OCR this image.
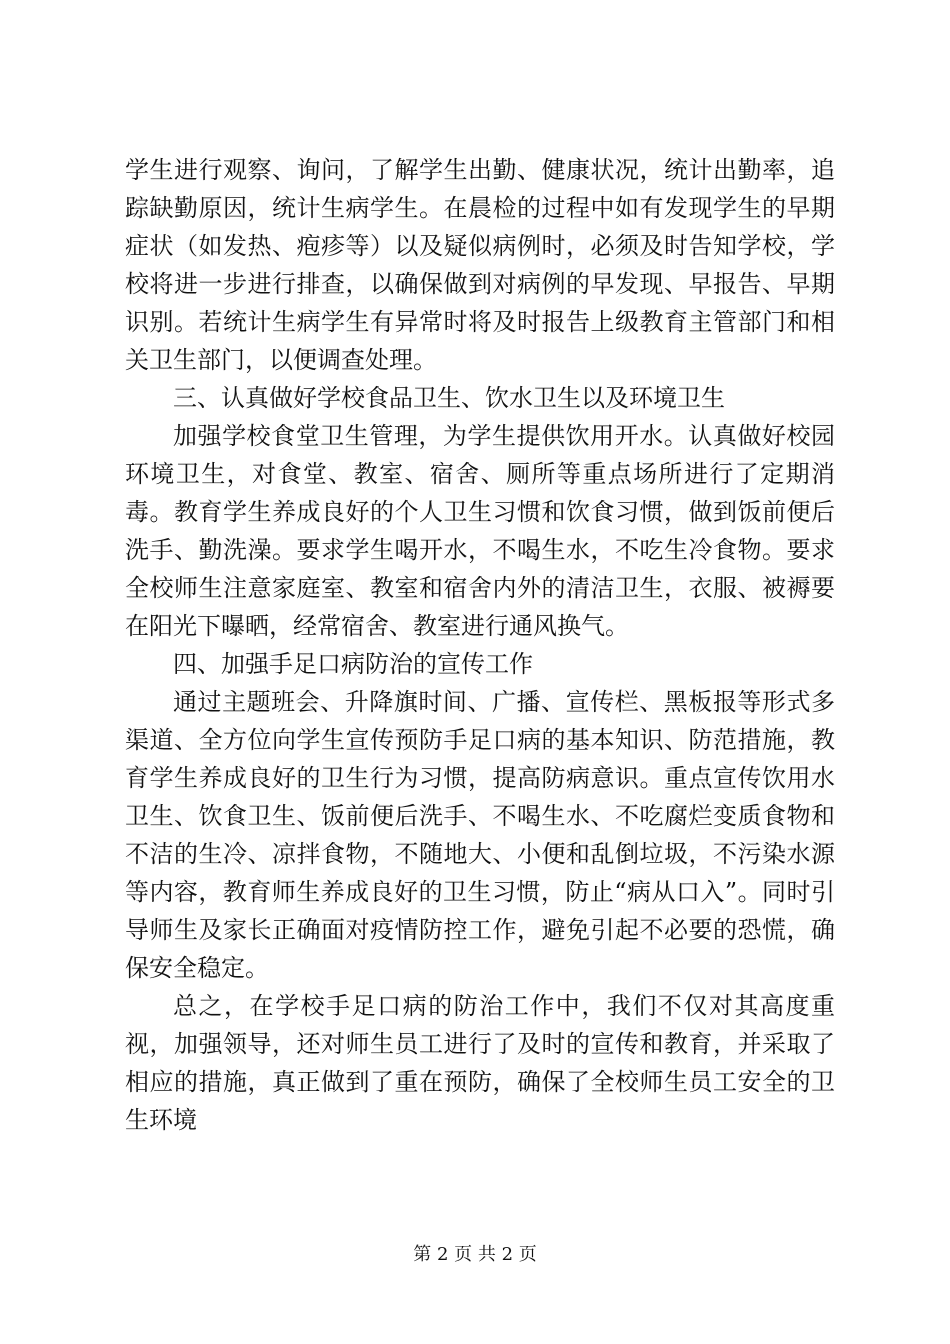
学生进行观察、询问，了解学生出勤、健康状况，统计出勤率，追踪缺勤原因，统计生病学生。在晨检的过程中如有发现学生的早期症状（如发热、疱疹等）以及疑似病例时，必须及时告知学校，学校将进一步进行排查，以确保做到对病例的早发现、早报告、早期识别。若统计生病学生有异常时将及时报告上级教育主管部门和相关卫生部门，以便调查处理。

三、认真做好学校食品卫生、饮水卫生以及环境卫生

加强学校食堂卫生管理，为学生提供饮用开水。认真做好校园环境卫生，对食堂、教室、宿舍、厕所等重点场所进行了定期消毒。教育学生养成良好的个人卫生习惯和饮食习惯，做到饭前便后洗手、勤洗澡。要求学生喝开水，不喝生水，不吃生冷食物。要求全校师生注意家庭室、教室和宿舍内外的清洁卫生，衣服、被褥要在阳光下曝晒，经常宿舍、教室进行通风换气。

四、加强手足口病防治的宣传工作

通过主题班会、升降旗时间、广播、宣传栏、黑板报等形式多渠道、全方位向学生宣传预防手足口病的基本知识、防范措施，教育学生养成良好的卫生行为习惯，提高防病意识。重点宣传饮用水卫生、饮食卫生、饭前便后洗手、不喝生水、不吃腐烂变质食物和不洁的生冷、凉拌食物，不随地大、小便和乱倒垃圾，不污染水源等内容，教育师生养成良好的卫生习惯，防止“病从口入”。同时引导师生及家长正确面对疫情防控工作，避免引起不必要的恐慌，确保安全稳定。

总之，在学校手足口病的防治工作中，我们不仅对其高度重视，加强领导，还对师生员工进行了及时的宣传和教育，并采取了相应的措施，真正做到了重在预防，确保了全校师生员工安全的卫生环境

第 2 页 共 2 页
